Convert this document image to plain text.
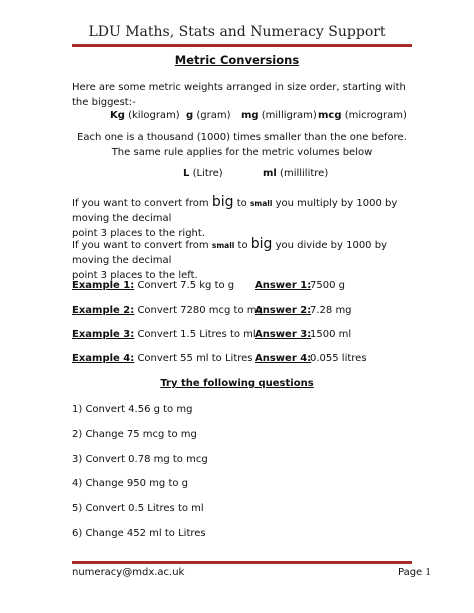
LDU Maths, Stats and Numeracy Support
Metric Conversions
Here are some metric weights arranged in size order, starting with the biggest:-
Kg (kilogram) g (gram) mg (milligram) mcg (microgram)
Each one is a thousand (1000) times smaller than the one before.
The same rule applies for the metric volumes below
L (Litre)	ml (millilitre)
If you want to convert from big to small you multiply by 1000 by moving the decimal
point 3 places to the right.
If you want to convert from small to big you divide by 1000 by moving the decimal
point 3 places to the left.
Example 1: Convert 7.5 kg to g Answer 1:
7500 g
Example 2: Convert 7280 mcg to mg
Answer 2:
7.28 mg
Example 3: Convert 1.5 Litres to ml Answer 3:
1500 ml
Example 4: Convert 55 ml to Litres Answer 4:
0.055 litres
Try the following questions
1) Convert 4.56 g to mg
2) Change 75 mcg to mg
3) Convert 0.78 mg to mcg
4) Change 950 mg to g
5) Convert 0.5 Litres to ml
6) Change 452 ml to Litres
numeracy@mdx.ac.uk	Page 1
